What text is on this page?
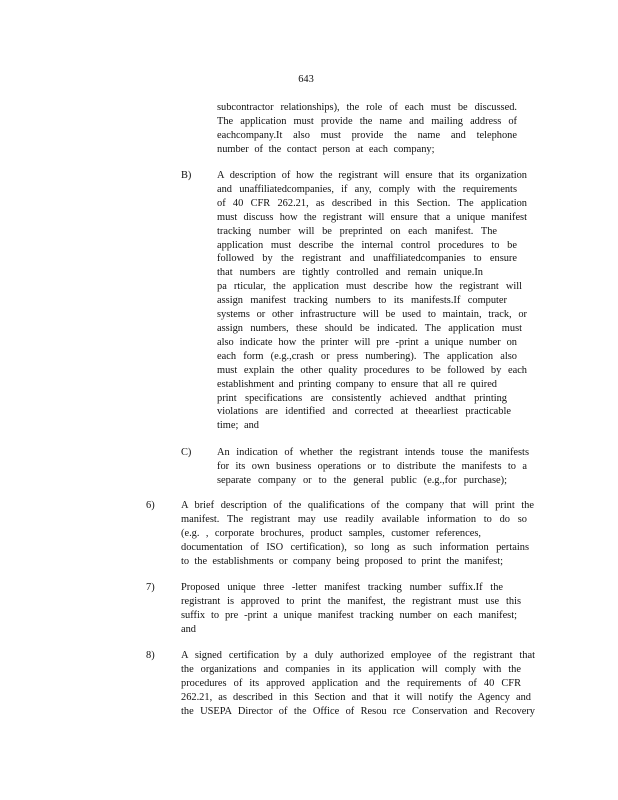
643
subcontractor relationships), the role of each must be discussed.
The application must provide the name and mailing address of
eachcompany.It also must provide the name and telephone
number of the contact person at each company;
B) A description of how the registrant will ensure that its organization
and unaffiliatedcompanies, if any, comply with the requirements
of 40 CFR 262.21, as described in this Section. The application
must discuss how the registrant will ensure that a unique manifest
tracking number will be preprinted on each manifest. The
application must describe the internal control procedures to be
followed by the registrant and unaffiliatedcompanies to ensure
that numbers are tightly controlled and remain unique.In
pa rticular, the application must describe how the registrant will
assign manifest tracking numbers to its manifests.If computer
systems or other infrastructure will be used to maintain, track, or
assign numbers, these should be indicated. The application must
also indicate how the printer will pre -print a unique number on
each form (e.g.,crash or press numbering). The application also
must explain the other quality procedures to be followed by each
establishment and printing company to ensure that all re quired
print specifications are consistently achieved andthat printing
violations are identified and corrected at theearliest practicable
time; and
C) An indication of whether the registrant intends touse the manifests
for its own business operations or to distribute the manifests to a
separate company or to the general public (e.g.,for purchase);
6)	A brief description of the qualifications of the company that will print the
manifest. The registrant may use readily available information to do so
(e.g. , corporate brochures, product samples, customer references,
documentation of ISO certification), so long as such information pertains
to the establishments or company being proposed to print the manifest;
7)	Proposed unique three -letter manifest tracking number suffix.If the
registrant is approved to print the manifest, the registrant must use this
suffix to pre -print a unique manifest tracking number on each manifest;
and
8)	A signed certification by a duly authorized employee of the registrant that
the organizations and companies in its application will comply with the
procedures of its approved application and the requirements of 40 CFR
262.21, as described in this Section and that it will notify the Agency and
the USEPA Director of the Office of Resou rce Conservation and Recovery
